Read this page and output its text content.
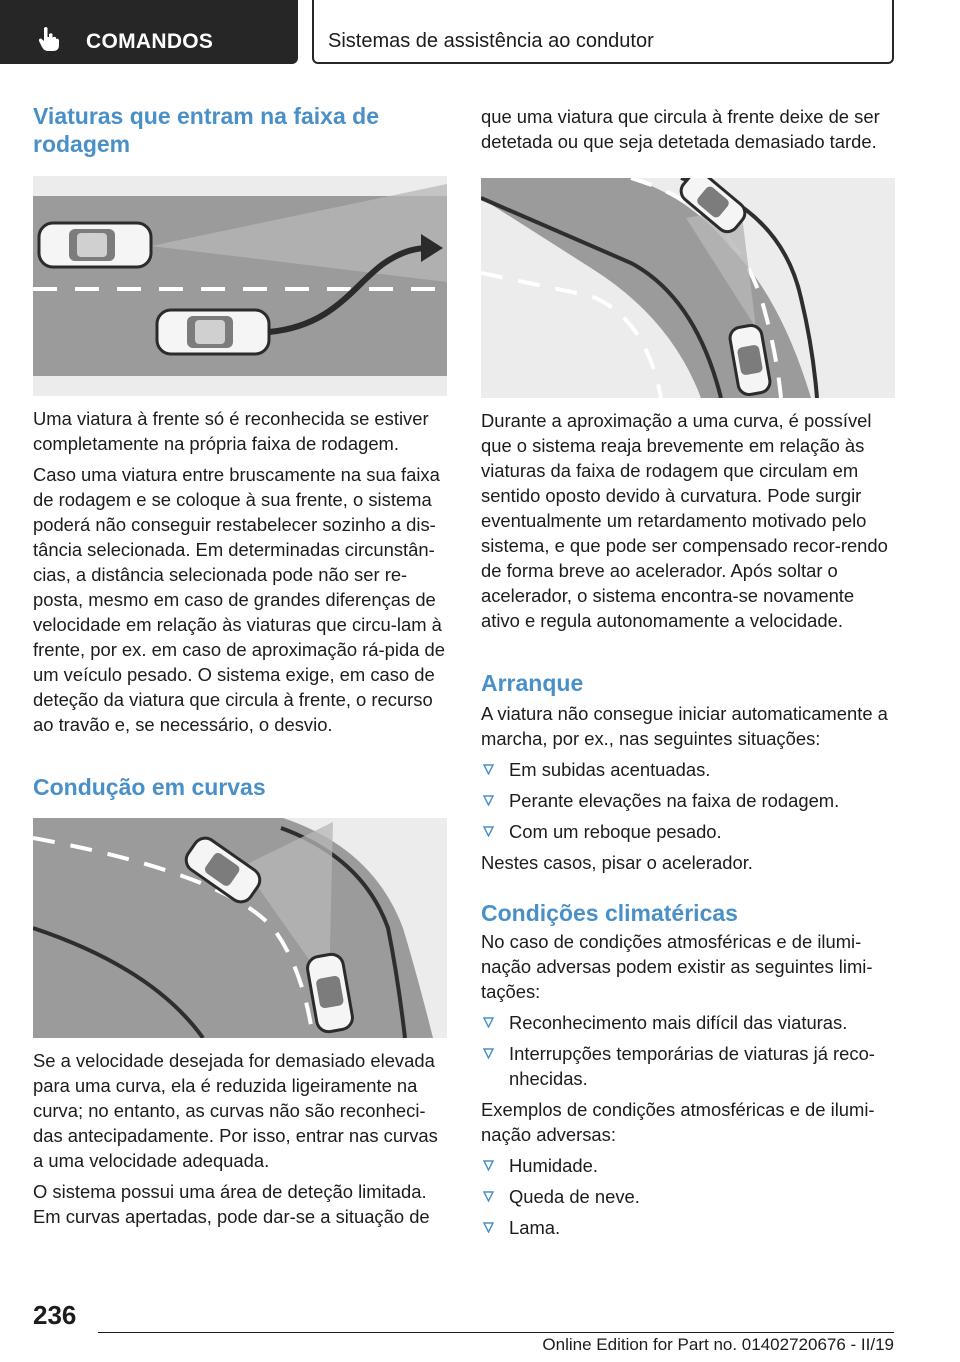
COMANDOS	Sistemas de assistência ao condutor
Viaturas que entram na faixa de rodagem

Uma viatura à frente só é reconhecida se estiver completamente na própria faixa de rodagem.

Caso uma viatura entre bruscamente na sua faixa de rodagem e se coloque à sua frente, o sistema poderá não conseguir restabelecer sozinho a dis-tância selecionada. Em determinadas circunstân-cias, a distância selecionada pode não ser re-posta, mesmo em caso de grandes diferenças de velocidade em relação às viaturas que circu-lam à frente, por ex. em caso de aproximação rá-pida de um veículo pesado. O sistema exige, em caso de deteção da viatura que circula à frente, o recurso ao travão e, se necessário, o desvio.

Condução em curvas

Se a velocidade desejada for demasiado elevada para uma curva, ela é reduzida ligeiramente na curva; no entanto, as curvas não são reconheci-das antecipadamente. Por isso, entrar nas curvas a uma velocidade adequada.

O sistema possui uma área de deteção limitada. Em curvas apertadas, pode dar-se a situação de

que uma viatura que circula à frente deixe de ser detetada ou que seja detetada demasiado tarde.

Durante a aproximação a uma curva, é possível que o sistema reaja brevemente em relação às viaturas da faixa de rodagem que circulam em sentido oposto devido à curvatura. Pode surgir eventualmente um retardamento motivado pelo sistema, e que pode ser compensado recor-rendo de forma breve ao acelerador. Após soltar o acelerador, o sistema encontra-se novamente ativo e regula autonomamente a velocidade.

Arranque

A viatura não consegue iniciar automaticamente a marcha, por ex., nas seguintes situações:

Em subidas acentuadas.
Perante elevações na faixa de rodagem.
Com um reboque pesado.

Nestes casos, pisar o acelerador.

Condições climatéricas

No caso de condições atmosféricas e de ilumi-nação adversas podem existir as seguintes limi-tações:

Reconhecimento mais difícil das viaturas.
Interrupções temporárias de viaturas já reco-nhecidas.

Exemplos de condições atmosféricas e de ilumi-nação adversas:

Humidade.
Queda de neve.
Lama.
236
Online Edition for Part no. 01402720676 - II/19
